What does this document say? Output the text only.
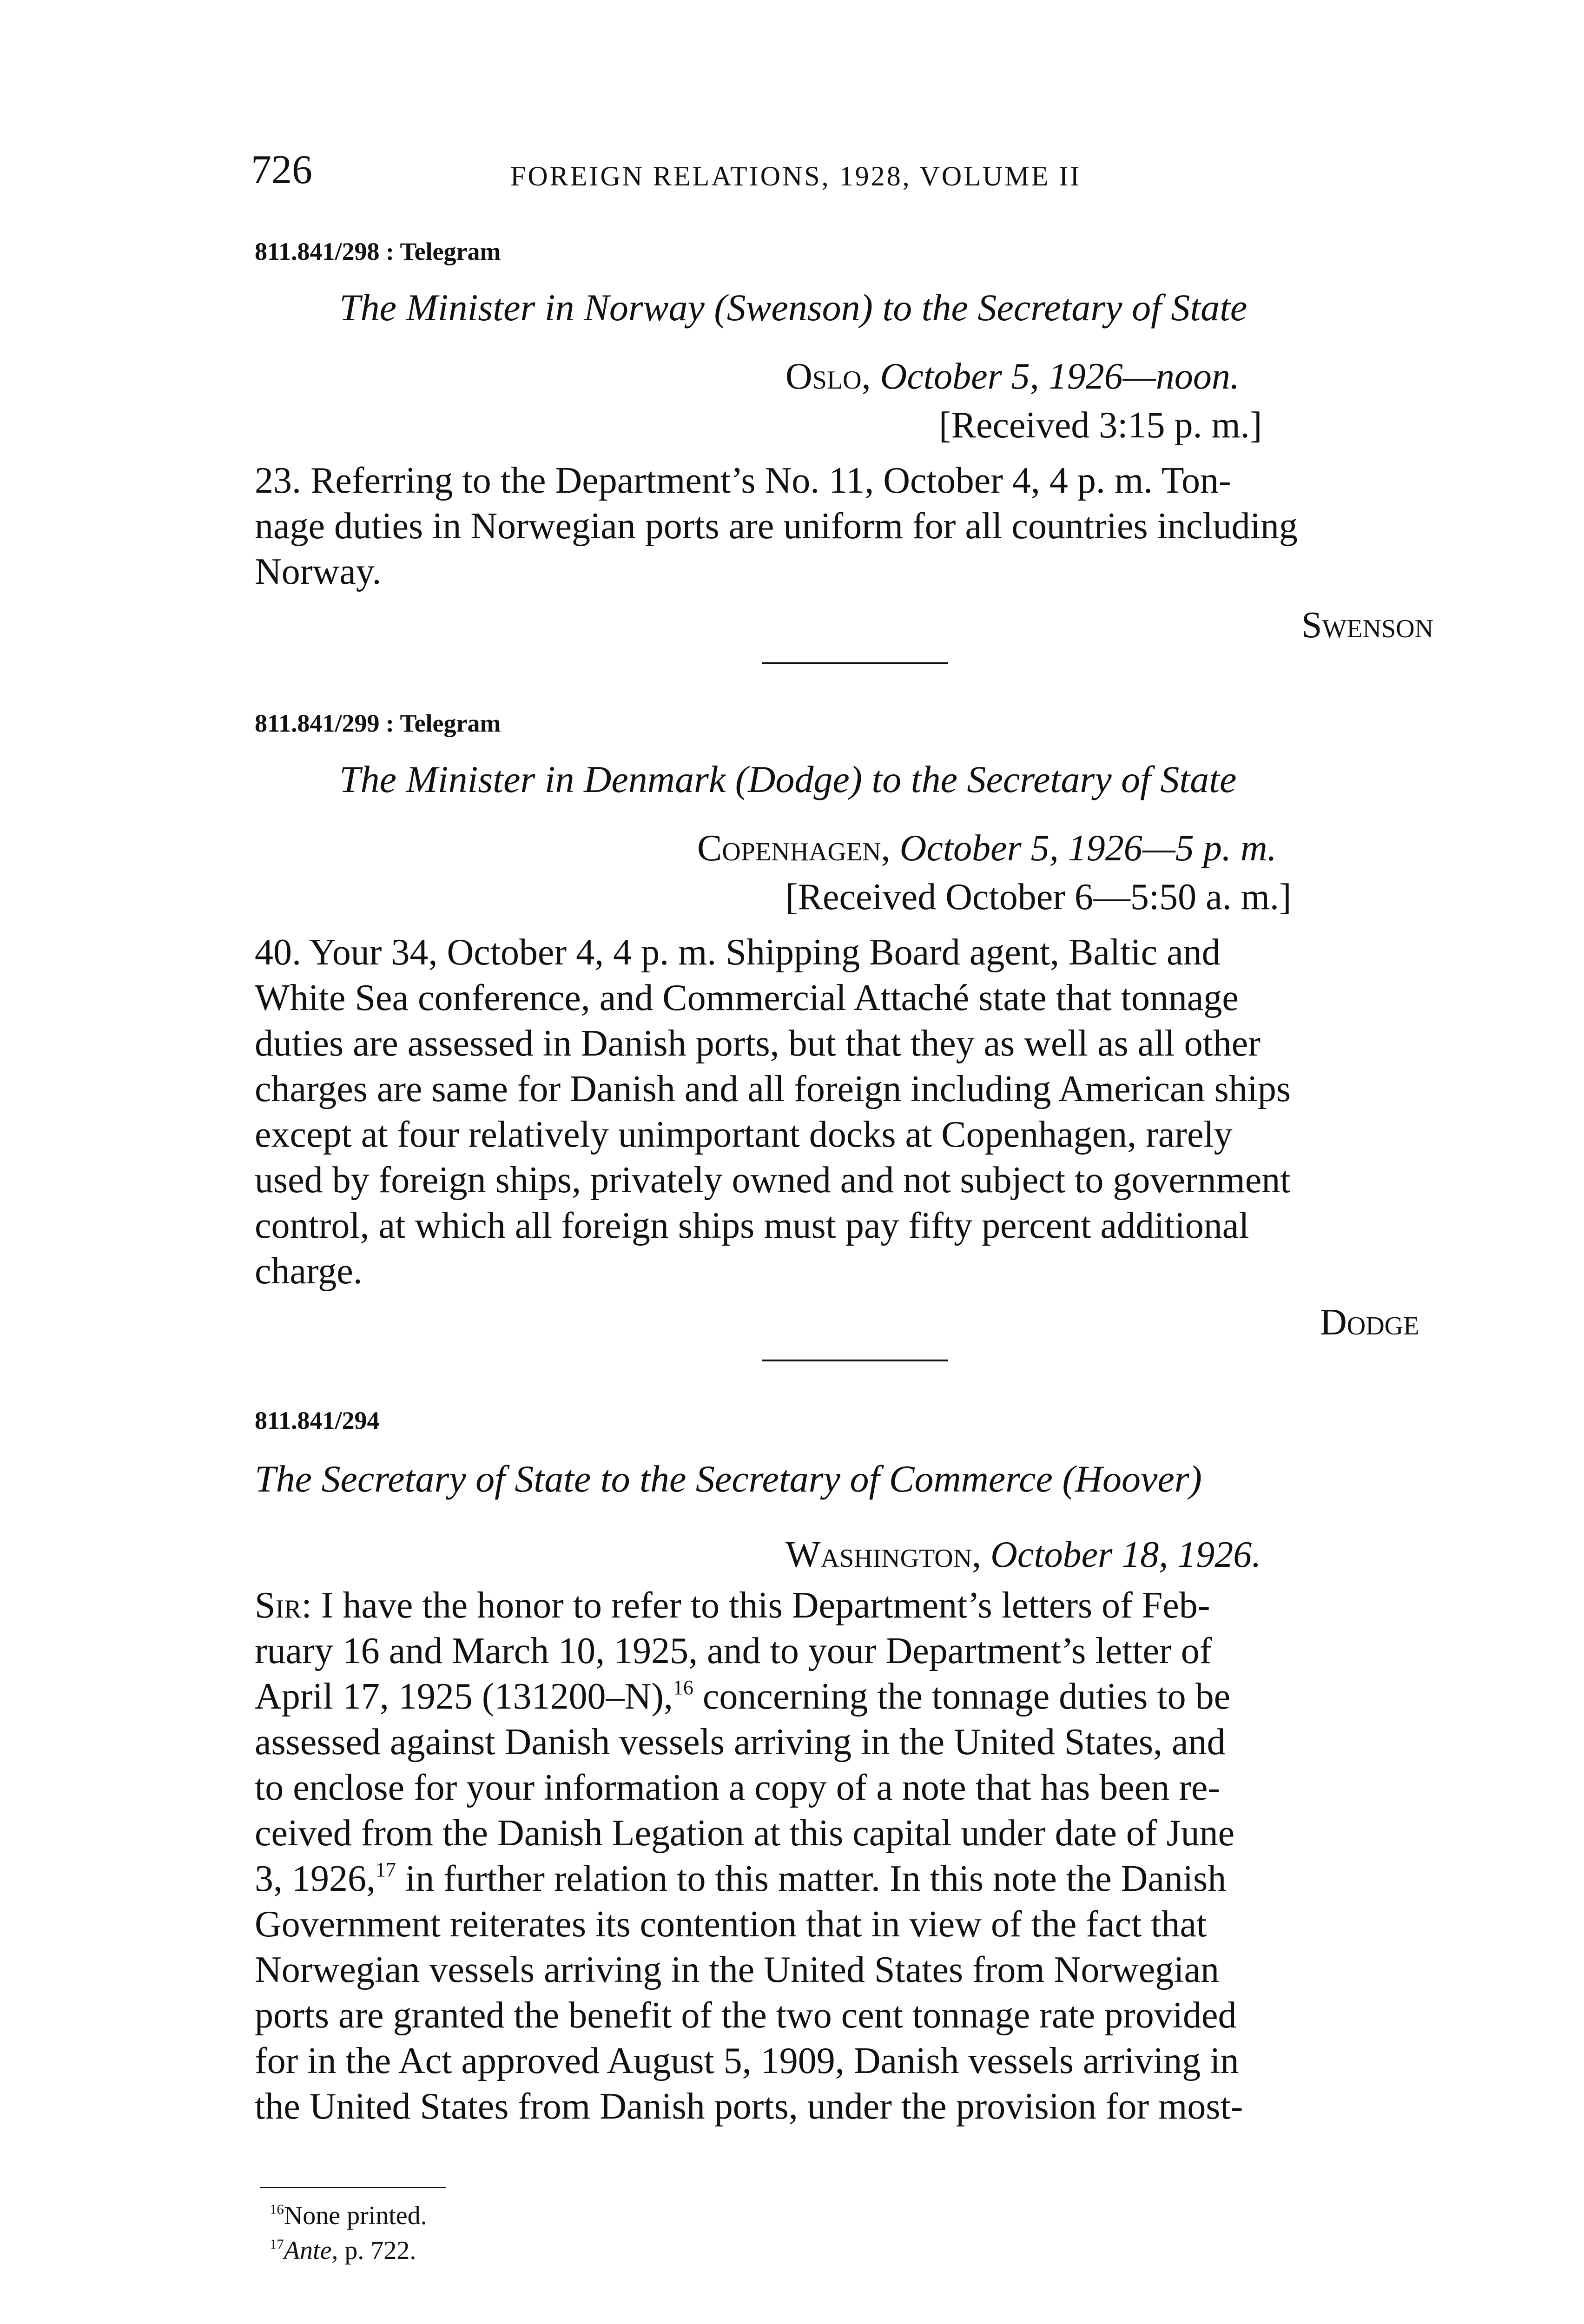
726	FOREIGN RELATIONS, 1928, VOLUME II
811.841/298 : Telegram
The Minister in Norway (Swenson) to the Secretary of State
Oslo, October 5, 1926—noon.
[Received 3:15 p. m.]
23. Referring to the Department’s No. 11, October 4, 4 p. m. Ton-
nage duties in Norwegian ports are uniform for all countries including
Norway.
Swenson
811.841/299 : Telegram
The Minister in Denmark (Dodge) to the Secretary of State
Copenhagen, October 5, 1926—5 p. m.
[Received October 6—5:50 a. m.]
40. Your 34, October 4, 4 p. m. Shipping Board agent, Baltic and
White Sea conference, and Commercial Attaché state that tonnage
duties are assessed in Danish ports, but that they as well as all other
charges are same for Danish and all foreign including American ships
except at four relatively unimportant docks at Copenhagen, rarely
used by foreign ships, privately owned and not subject to government
control, at which all foreign ships must pay fifty percent additional
charge.
Dodge
811.841/294
The Secretary of State to the Secretary of Commerce (Hoover)
Washington, October 18, 1926.
Sir: I have the honor to refer to this Department’s letters of Feb-
ruary 16 and March 10, 1925, and to your Department’s letter of
April 17, 1925 (131200–N),$^{16}$ concerning the tonnage duties to be
assessed against Danish vessels arriving in the United States, and
to enclose for your information a copy of a note that has been re-
ceived from the Danish Legation at this capital under date of June
3, 1926,17 in further relation to this matter. In this note the Danish
Government reiterates its contention that in view of the fact that
Norwegian vessels arriving in the United States from Norwegian
ports are granted the benefit of the two cent tonnage rate provided
for in the Act approved August 5, 1909, Danish vessels arriving in
the United States from Danish ports, under the provision for most-
$^{16}$None printed.
$^{17}$Ante, p. 722.
